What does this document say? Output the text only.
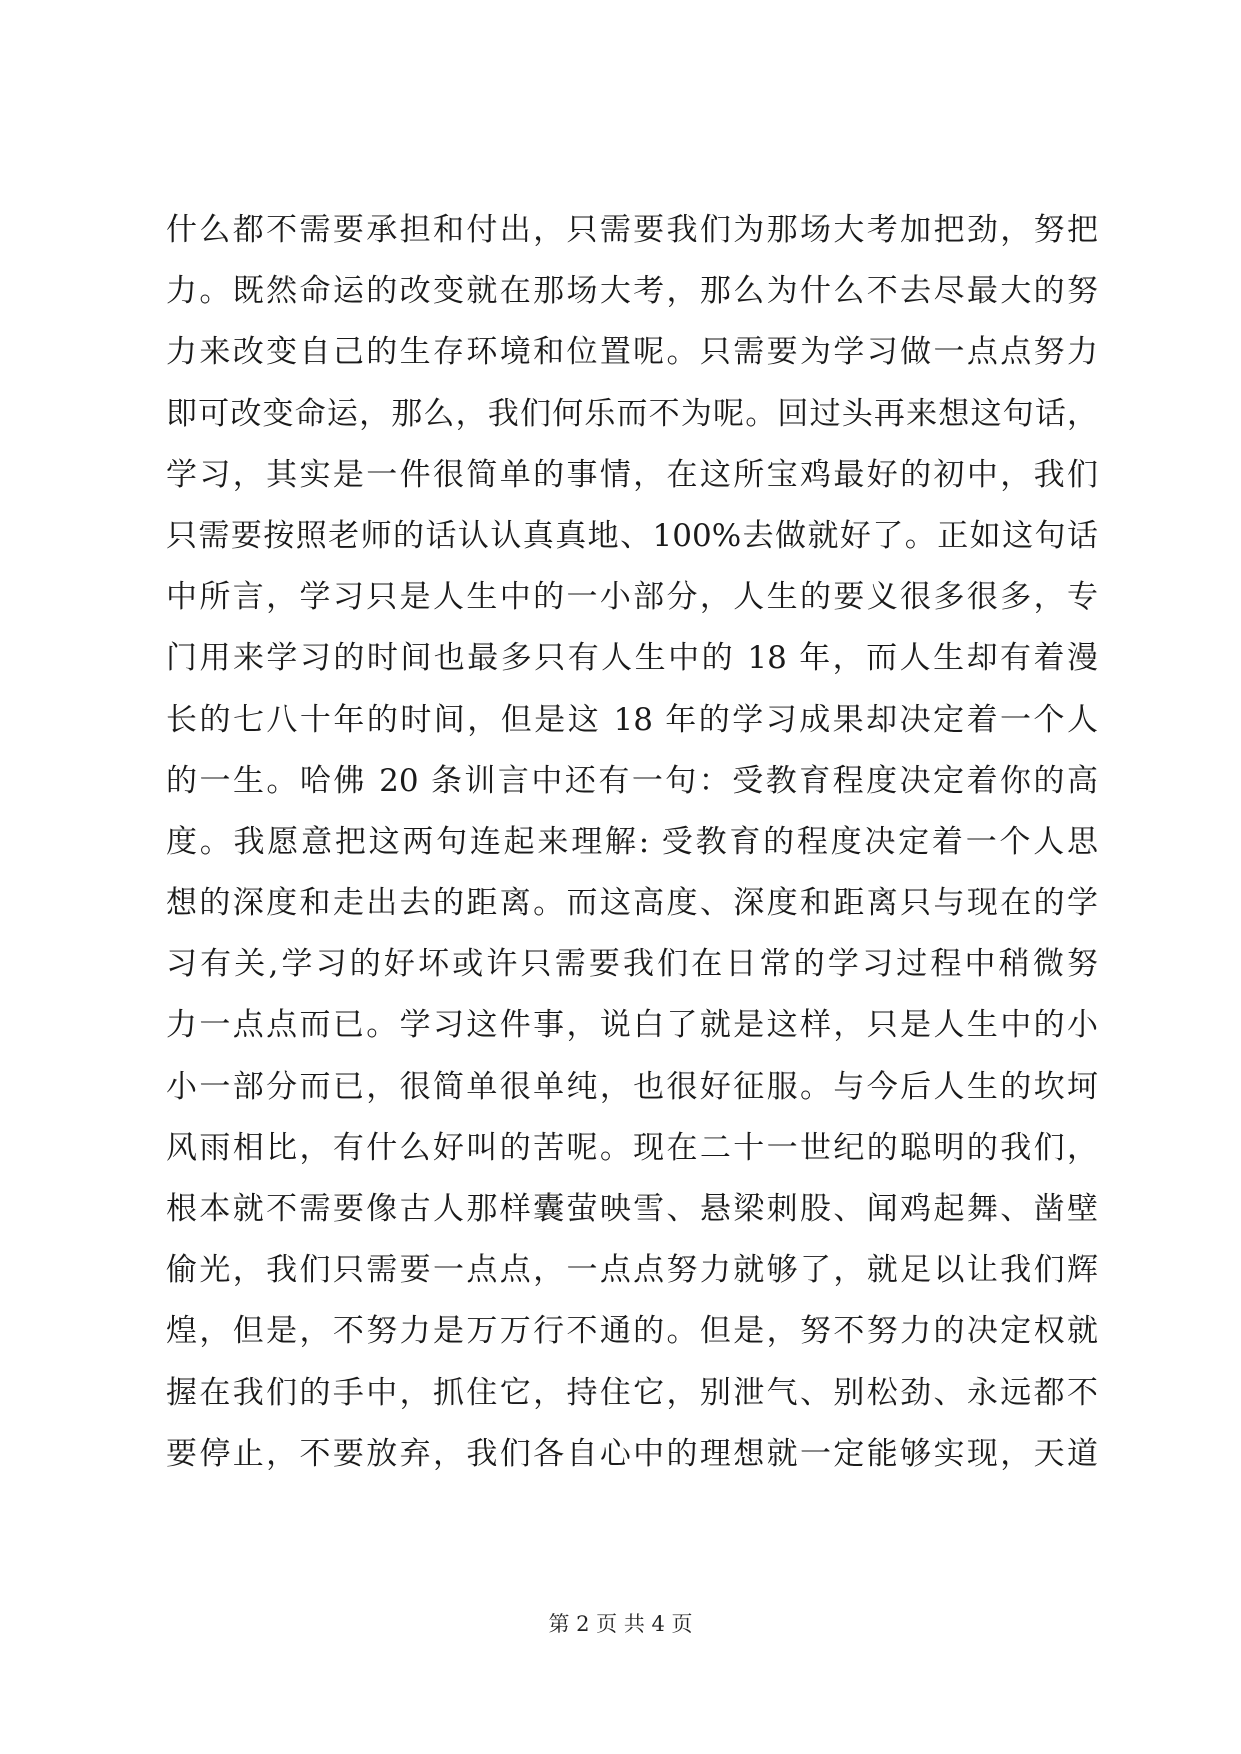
什么都不需要承担和付出，只需要我们为那场大考加把劲，努把
力。既然命运的改变就在那场大考，那么为什么不去尽最大的努
力来改变自己的生存环境和位置呢。只需要为学习做一点点努力
即可改变命运，那么，我们何乐而不为呢。回过头再来想这句话，
学习，其实是一件很简单的事情，在这所宝鸡最好的初中，我们
只需要按照老师的话认认真真地、100%去做就好了。正如这句话
中所言，学习只是人生中的一小部分，人生的要义很多很多，专
门用来学习的时间也最多只有人生中的 18 年，而人生却有着漫
长的七八十年的时间，但是这 18 年的学习成果却决定着一个人
的一生。哈佛 20 条训言中还有一句：受教育程度决定着你的高
度。我愿意把这两句连起来理解: 受教育的程度决定着一个人思
想的深度和走出去的距离。而这高度、深度和距离只与现在的学
习有关,学习的好坏或许只需要我们在日常的学习过程中稍微努
力一点点而已。学习这件事，说白了就是这样，只是人生中的小
小一部分而已，很简单很单纯，也很好征服。与今后人生的坎坷
风雨相比，有什么好叫的苦呢。现在二十一世纪的聪明的我们，
根本就不需要像古人那样囊萤映雪、悬梁刺股、闻鸡起舞、凿壁
偷光，我们只需要一点点，一点点努力就够了，就足以让我们辉
煌，但是，不努力是万万行不通的。但是，努不努力的决定权就
握在我们的手中，抓住它，持住它，别泄气、别松劲、永远都不
要停止，不要放弃，我们各自心中的理想就一定能够实现，天道
第 2 页 共 4 页
